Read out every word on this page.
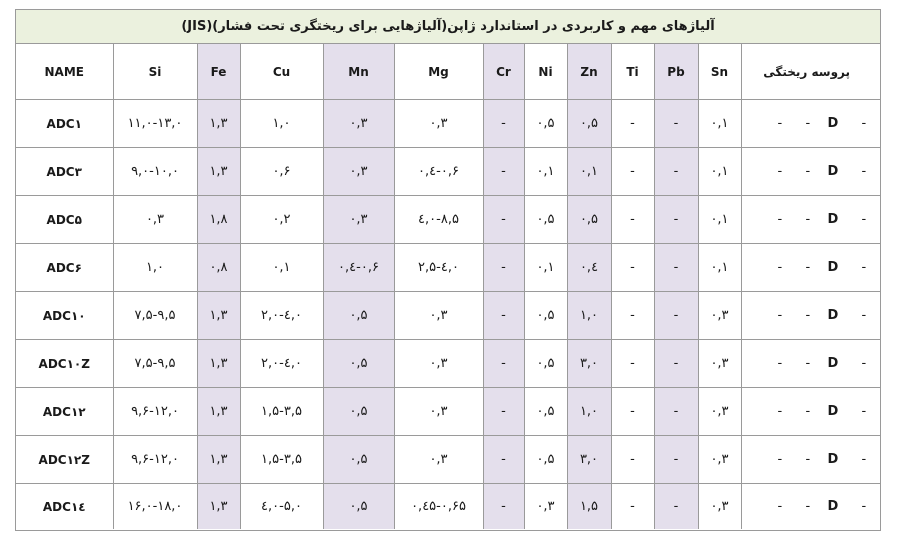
آلیاژهای مهم و کاربردی در استاندارد ژاپن(آلیاژهایی برای ریختگری تحت فشار)(JIS)
NAME	Si	Fe	Cu	Mn	Mg	Cr	Ni	Zn	Ti	Pb	Sn	پروسه ریختگی
ADC۱	۱۱,۰-۱۳,۰	۱,۳	۱,۰	۰,۳	۰,۳	-	۰,۵	۰,۵	-	-	۰,۱	- - D -
ADC۳	۹,۰-۱۰,۰	۱,۳	۰,۶	۰,۳	۰,٤-۰,۶	-	۰,۱	۰,۱	-	-	۰,۱	- - D -
ADC۵	۰,۳	۱,۸	۰,۲	۰,۳	٤,۰-۸,۵	-	۰,۵	۰,۵	-	-	۰,۱	- - D -
ADC۶	۱,۰	۰,۸	۰,۱	۰,٤-۰,۶	۲,۵-٤,۰	-	۰,۱	۰,٤	-	-	۰,۱	- - D -
ADC۱۰	۷,۵-۹,۵	۱,۳	۲,۰-٤,۰	۰,۵	۰,۳	-	۰,۵	۱,۰	-	-	۰,۳	- - D -
ADC۱۰Z	۷,۵-۹,۵	۱,۳	۲,۰-٤,۰	۰,۵	۰,۳	-	۰,۵	۳,۰	-	-	۰,۳	- - D -
ADC۱۲	۹,۶-۱۲,۰	۱,۳	۱,۵-۳,۵	۰,۵	۰,۳	-	۰,۵	۱,۰	-	-	۰,۳	- - D -
ADC۱۲Z	۹,۶-۱۲,۰	۱,۳	۱,۵-۳,۵	۰,۵	۰,۳	-	۰,۵	۳,۰	-	-	۰,۳	- - D -
ADC۱٤	۱۶,۰-۱۸,۰	۱,۳	٤,۰-۵,۰	۰,۵	۰,٤۵-۰,۶۵	-	۰,۳	۱,۵	-	-	۰,۳	- - D -
